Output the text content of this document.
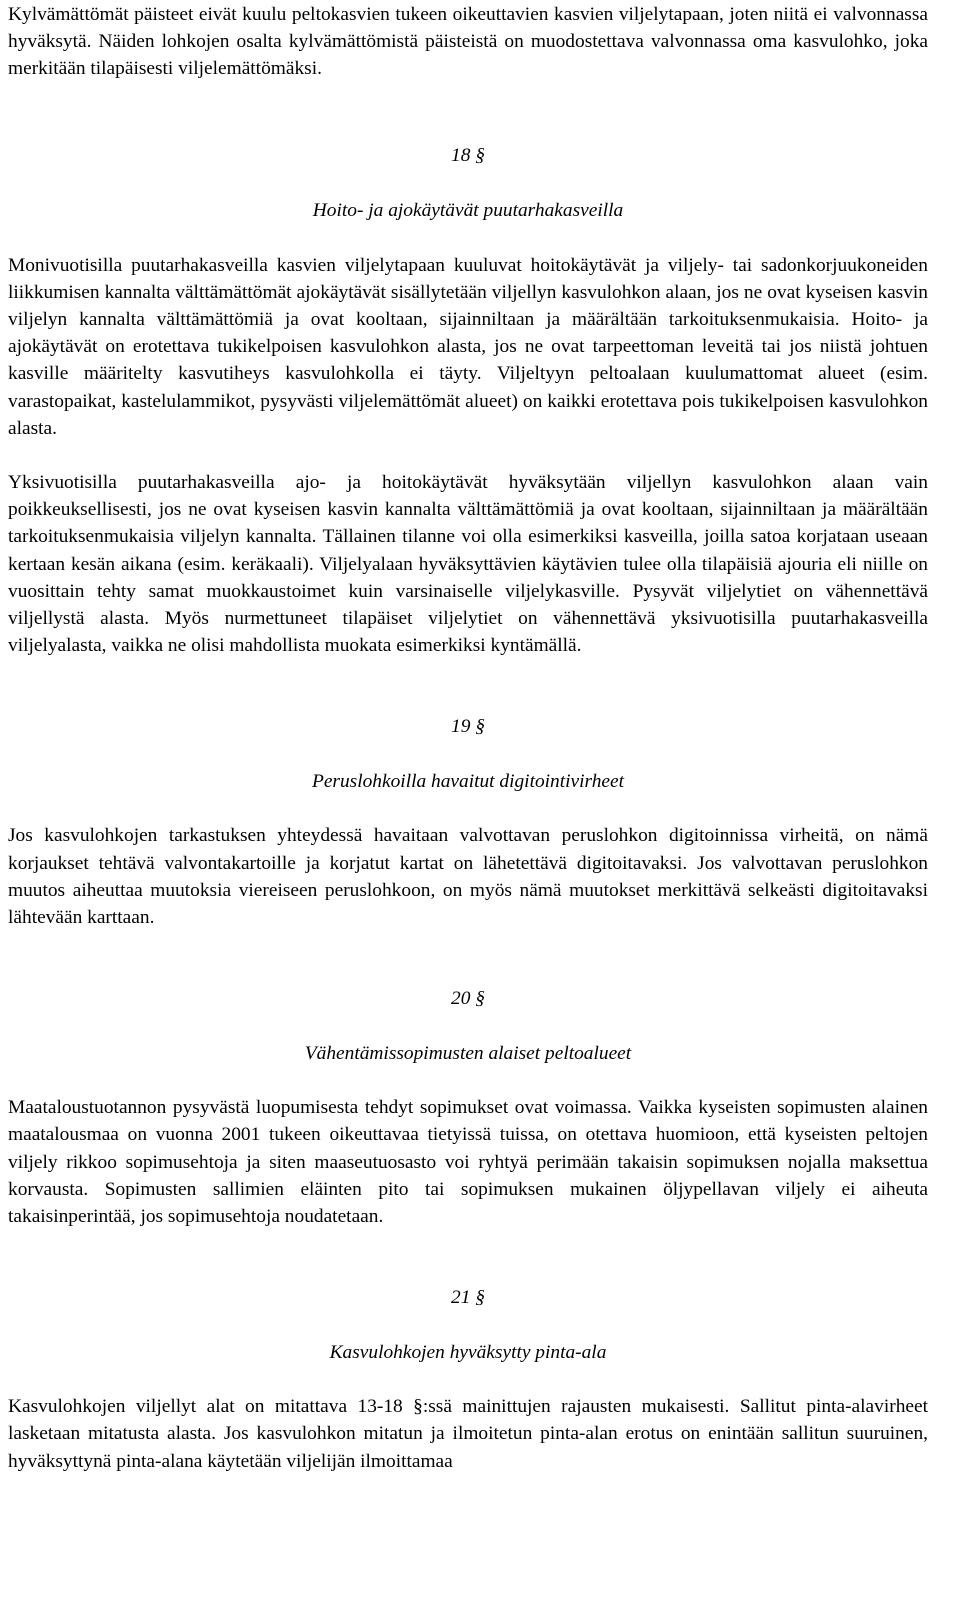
Kylvämättömät päisteet eivät kuulu peltokasvien tukeen oikeuttavien kasvien viljelytapaan, joten niitä ei valvonnassa hyväksytä. Näiden lohkojen osalta kylvämättömistä päisteistä on muodostettava valvonnassa oma kasvulohko, joka merkitään tilapäisesti viljelemättömäksi.

18 §

Hoito- ja ajokäytävät puutarhakasveilla

Monivuotisilla puutarhakasveilla kasvien viljelytapaan kuuluvat hoitokäytävät ja viljely- tai sadonkorjuukoneiden liikkumisen kannalta välttämättömät ajokäytävät sisällytetään viljellyn kasvulohkon alaan, jos ne ovat kyseisen kasvin viljelyn kannalta välttämättömiä ja ovat kooltaan, sijainniltaan ja määrältään tarkoituksenmukaisia. Hoito- ja ajokäytävät on erotettava tukikelpoisen kasvulohkon alasta, jos ne ovat tarpeettoman leveitä tai jos niistä johtuen kasville määritelty kasvutiheys kasvulohkolla ei täyty. Viljeltyyn peltoalaan kuulumattomat alueet (esim. varastopaikat, kastelulammikot, pysyvästi viljelemättömät alueet) on kaikki erotettava pois tukikelpoisen kasvulohkon alasta.

Yksivuotisilla puutarhakasveilla ajo- ja hoitokäytävät hyväksytään viljellyn kasvulohkon alaan vain poikkeuksellisesti, jos ne ovat kyseisen kasvin kannalta välttämättömiä ja ovat kooltaan, sijainniltaan ja määrältään tarkoituksenmukaisia viljelyn kannalta. Tällainen tilanne voi olla esimerkiksi kasveilla, joilla satoa korjataan useaan kertaan kesän aikana (esim. keräkaali). Viljelyalaan hyväksyttävien käytävien tulee olla tilapäisiä ajouria eli niille on vuosittain tehty samat muokkaustoimet kuin varsinaiselle viljelykasville. Pysyvät viljelytiet on vähennettävä viljellystä alasta. Myös nurmettuneet tilapäiset viljelytiet on vähennettävä yksivuotisilla puutarhakasveilla viljelyalasta, vaikka ne olisi mahdollista muokata esimerkiksi kyntämällä.

19 §

Peruslohkoilla havaitut digitointivirheet

Jos kasvulohkojen tarkastuksen yhteydessä havaitaan valvottavan peruslohkon digitoinnissa virheitä, on nämä korjaukset tehtävä valvontakartoille ja korjatut kartat on lähetettävä digitoitavaksi. Jos valvottavan peruslohkon muutos aiheuttaa muutoksia viereiseen peruslohkoon, on myös nämä muutokset merkittävä selkeästi digitoitavaksi lähtevään karttaan.

20 §

Vähentämissopimusten alaiset peltoalueet

Maataloustuotannon pysyvästä luopumisesta tehdyt sopimukset ovat voimassa. Vaikka kyseisten sopimusten alainen maatalousmaa on vuonna 2001 tukeen oikeuttavaa tietyissä tuissa, on otettava huomioon, että kyseisten peltojen viljely rikkoo sopimusehtoja ja siten maaseutuosasto voi ryhtyä perimään takaisin sopimuksen nojalla maksettua korvausta. Sopimusten sallimien eläinten pito tai sopimuksen mukainen öljypellavan viljely ei aiheuta takaisinperintää, jos sopimusehtoja noudatetaan.

21 §

Kasvulohkojen hyväksytty pinta-ala

Kasvulohkojen viljellyt alat on mitattava 13-18 §:ssä mainittujen rajausten mukaisesti. Sallitut pinta-alavirheet lasketaan mitatusta alasta. Jos kasvulohkon mitatun ja ilmoitetun pinta-alan erotus on enintään sallitun suuruinen, hyväksyttynä pinta-alana käytetään viljelijän ilmoittamaa
